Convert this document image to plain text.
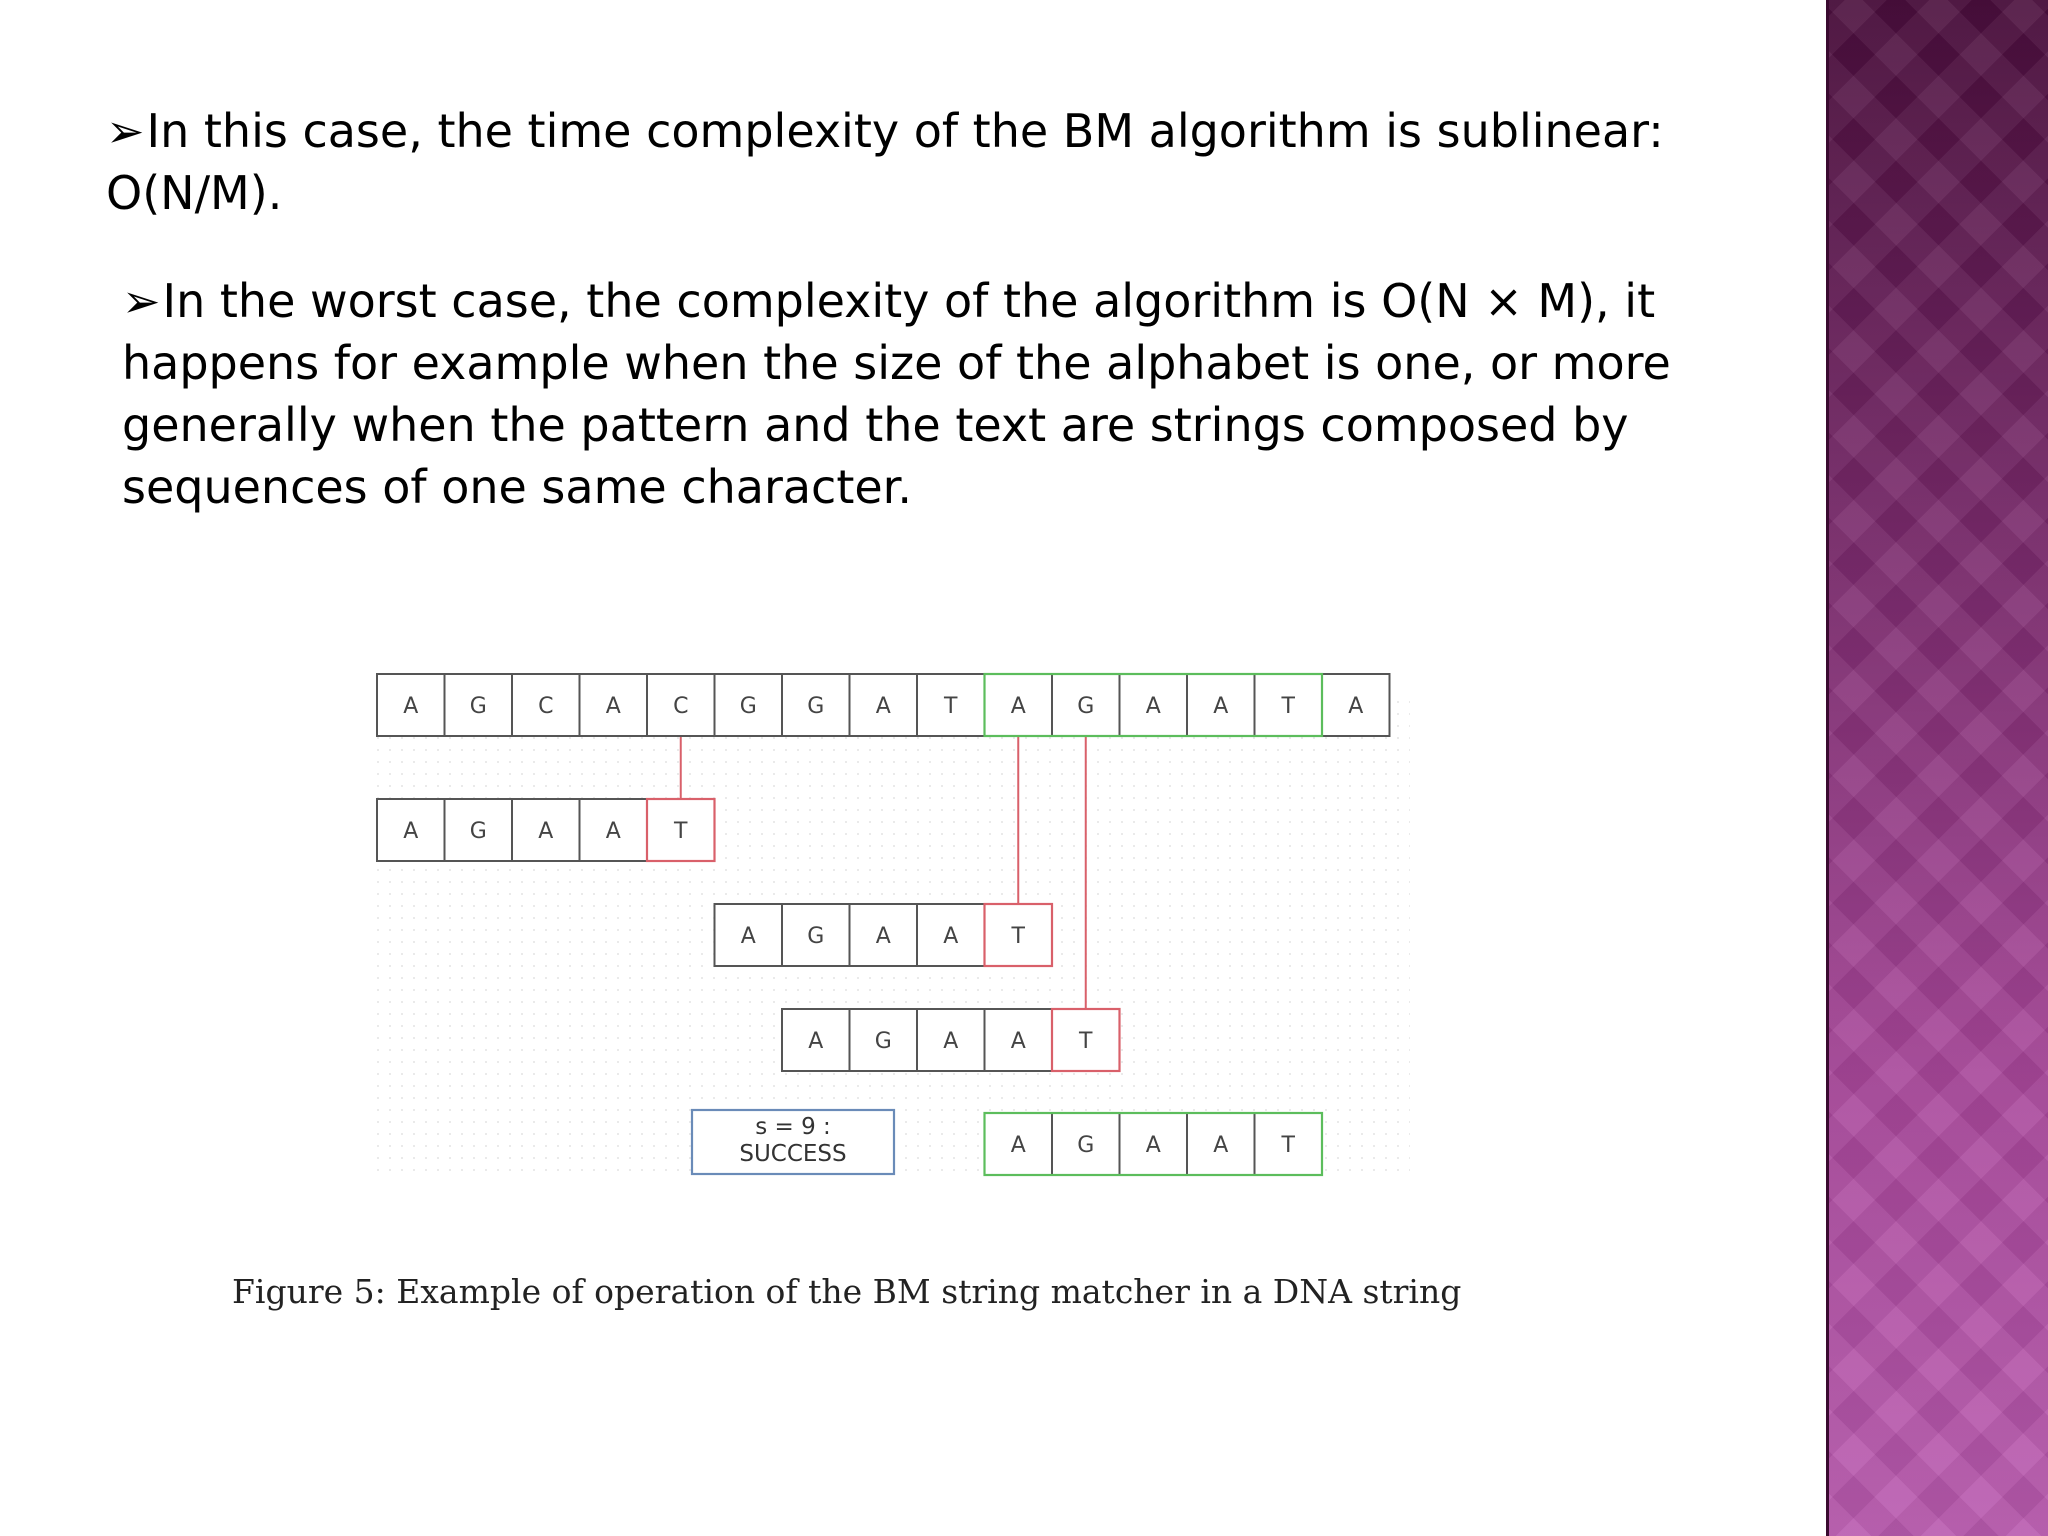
➢In this case, the time complexity of the BM algorithm is sublinear: O(N/M).

➢In the worst case, the complexity of the algorithm is O(N × M), it happens for example when the size of the alphabet is one, or more generally when the pattern and the text are strings composed by sequences of one same character.

A G C A C G G A T A G A A T A
A G A A T
A G A A T
A G A A T
A G A A T
s = 9 :
SUCCESS
Figure 5: Example of operation of the BM string matcher in a DNA string
